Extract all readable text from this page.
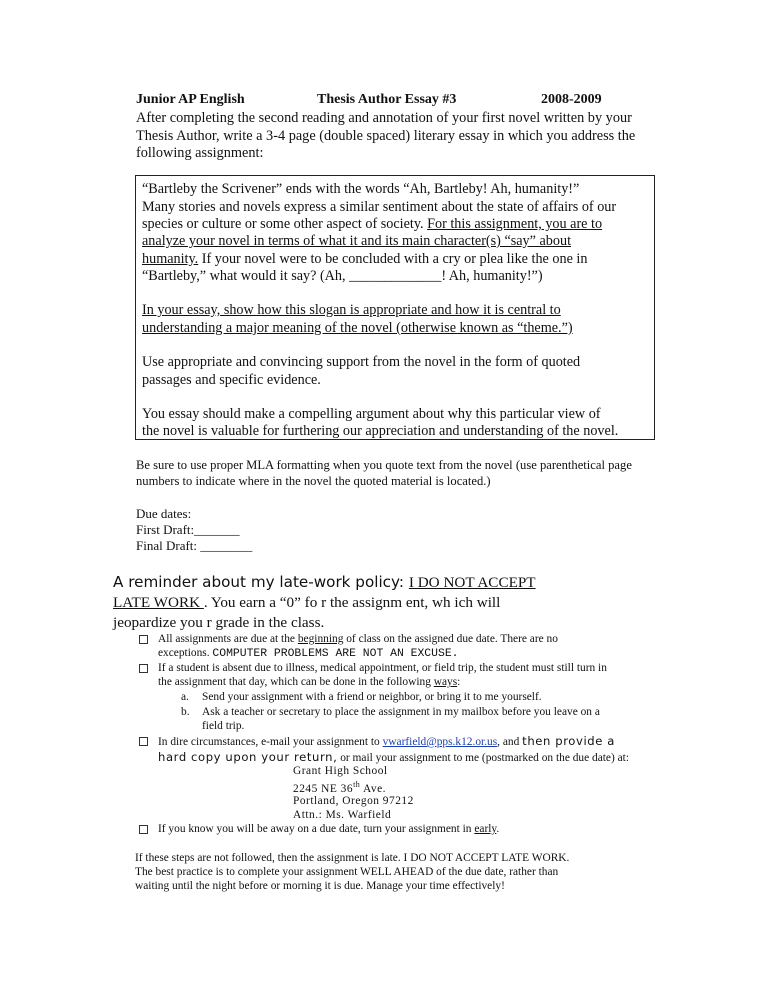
Junior AP English	Thesis Author Essay #3	2008-2009
After completing the second reading and annotation of your first novel written by your Thesis Author, write a 3-4 page (double spaced) literary essay in which you address the following assignment:
“Bartleby the Scrivener” ends with the words “Ah, Bartleby! Ah, humanity!”
Many stories and novels express a similar sentiment about the state of affairs of our
species or culture or some other aspect of society. For this assignment, you are to
analyze your novel in terms of what it and its main character(s) “say” about
humanity. If your novel were to be concluded with a cry or plea like the one in
“Bartleby,” what would it say? (Ah, _____________! Ah, humanity!”)
In your essay, show how this slogan is appropriate and how it is central to
understanding a major meaning of the novel (otherwise known as “theme.”)
Use appropriate and convincing support from the novel in the form of quoted
passages and specific evidence.
You essay should make a compelling argument about why this particular view of
the novel is valuable for furthering our appreciation and understanding of the novel.
Be sure to use proper MLA formatting when you quote text from the novel (use parenthetical page numbers to indicate where in the novel the quoted material is located.)
Due dates:
First Draft:_______
Final Draft: ________
A reminder about my late-work policy: I DO NOT ACCEPT
LATE WORK . You earn a “0” fo r the assignm ent, wh ich will
jeopardize you r grade in the class.
All assignments are due at the beginning of class on the assigned due date. There are no
exceptions. COMPUTER PROBLEMS ARE NOT AN EXCUSE.
If a student is absent due to illness, medical appointment, or field trip, the student must still turn in
the assignment that day, which can be done in the following ways:
a. Send your assignment with a friend or neighbor, or bring it to me yourself.
b. Ask a teacher or secretary to place the assignment in my mailbox before you leave on a
field trip.
In dire circumstances, e-mail your assignment to vwarfield@pps.k12.or.us, and then provide a
hard copy upon your return, or mail your assignment to me (postmarked on the due date) at:
Grant High School
2245 NE 36th Ave.
Portland, Oregon 97212
Attn.: Ms. Warfield
If you know you will be away on a due date, turn your assignment in early.
If these steps are not followed, then the assignment is late. I DO NOT ACCEPT LATE WORK.
The best practice is to complete your assignment WELL AHEAD of the due date, rather than
waiting until the night before or morning it is due. Manage your time effectively!
